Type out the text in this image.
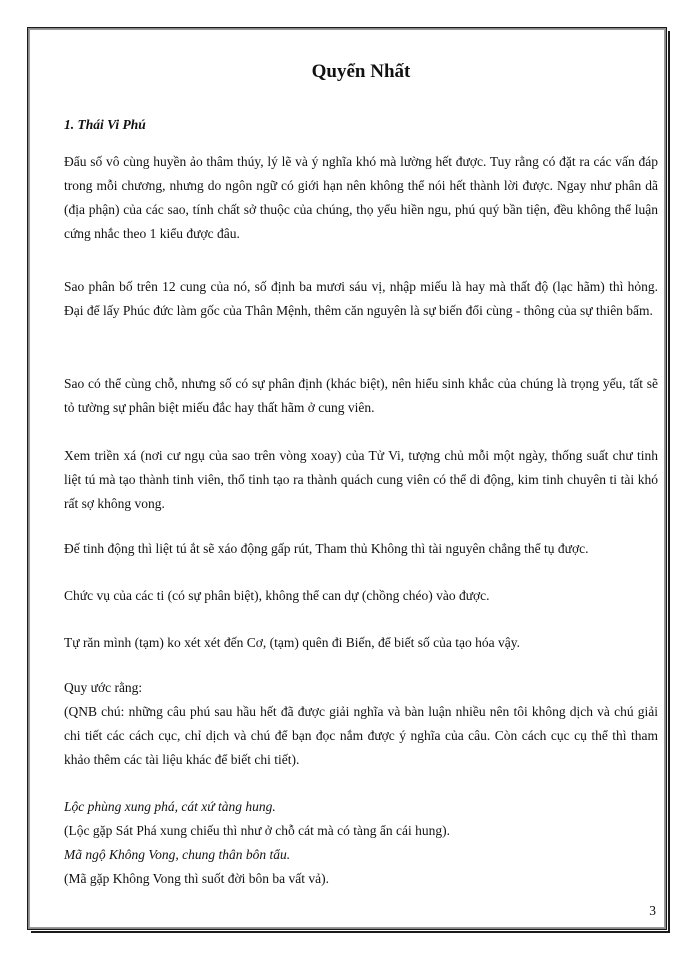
Quyển Nhất
1. Thái Vi Phú

Đẩu số vô cùng huyền ảo thâm thúy, lý lẽ và ý nghĩa khó mà lường hết được. Tuy rằng có đặt ra các vấn đáp trong mỗi chương, nhưng do ngôn ngữ có giới hạn nên không thể nói hết thành lời được. Ngay như phân dã (địa phận) của các sao, tính chất sở thuộc của chúng, thọ yểu hiền ngu, phú quý bần tiện, đều không thể luận cứng nhắc theo 1 kiểu được đâu.

Sao phân bố trên 12 cung của nó, số định ba mươi sáu vị, nhập miếu là hay mà thất độ (lạc hãm) thì hỏng. Đại để lấy Phúc đức làm gốc của Thân Mệnh, thêm căn nguyên là sự biến đổi cùng - thông của sự thiên bẩm.

Sao có thể cùng chỗ, nhưng số có sự phân định (khác biệt), nên hiểu sinh khắc của chúng là trọng yếu, tất sẽ tỏ tường sự phân biệt miếu đắc hay thất hãm ở cung viên.

Xem triền xá (nơi cư ngụ của sao trên vòng xoay) của Tử Vi, tượng chủ mỗi một ngày, thống suất chư tinh liệt tú mà tạo thành tinh viên, thổ tinh tạo ra thành quách cung viên có thể di động, kim tinh chuyên ti tài khó rất sợ không vong.

Đế tinh động thì liệt tú ắt sẽ xáo động gấp rút, Tham thủ Không thì tài nguyên chẳng thể tụ được.

Chức vụ của các ti (có sự phân biệt), không thể can dự (chồng chéo) vào được.

Tự răn mình (tạm) ko xét xét đến Cơ, (tạm) quên đi Biến, để biết số của tạo hóa vậy.

Quy ước rằng:

(QNB chú: những câu phú sau hầu hết đã được giải nghĩa và bàn luận nhiều nên tôi không dịch và chú giải chi tiết các cách cục, chỉ dịch và chú để bạn đọc nắm được ý nghĩa của câu. Còn cách cục cụ thể thì tham khảo thêm các tài liệu khác để biết chi tiết).

Lộc phùng xung phá, cát xứ tàng hung.

(Lộc gặp Sát Phá xung chiếu thì như ở chỗ cát mà có tàng ẩn cái hung).

Mã ngộ Không Vong, chung thân bôn tẩu.

(Mã gặp Không Vong thì suốt đời bôn ba vất vả).

3
